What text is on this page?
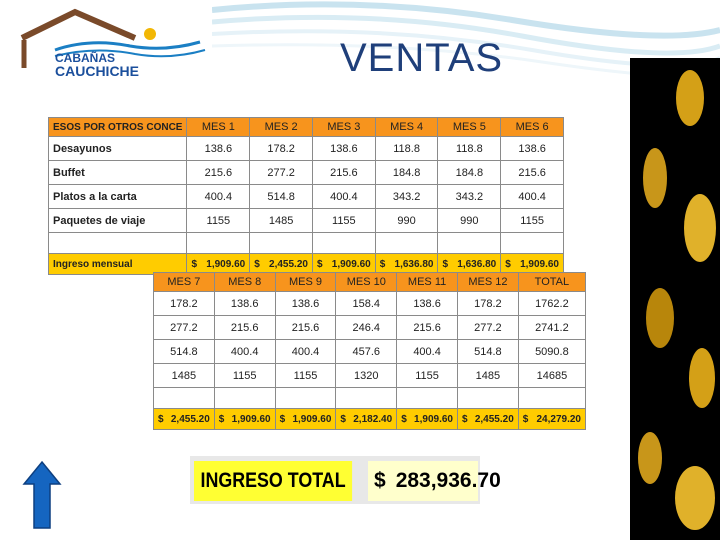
CABAÑAS
CAUCHICHE	VENTAS
ESOS POR OTROS CONCE	MES 1	MES 2	MES 3	MES 4	MES 5	MES 6
Desayunos	138.6	178.2	138.6	118.8	118.8	138.6
Buffet	215.6	277.2	215.6	184.8	184.8	215.6
Platos a la carta	400.4	514.8	400.4	343.2	343.2	400.4
Paquetes de viaje	1155	1485	1155	990	990	1155

Ingreso mensual	$ 1,909.60	$ 2,455.20	$ 1,909.60	$ 1,636.80	$ 1,636.80	$ 1,909.60
MES 7	MES 8	MES 9	MES 10	MES 11	MES 12	TOTAL
178.2	138.6	138.6	158.4	138.6	178.2	1762.2
277.2	215.6	215.6	246.4	215.6	277.2	2741.2
514.8	400.4	400.4	457.6	400.4	514.8	5090.8
1485	1155	1155	1320	1155	1485	14685

$ 2,455.20	$ 1,909.60	$ 1,909.60	$ 2,182.40	$ 1,909.60	$ 2,455.20	$ 24,279.20
INGRESO TOTAL	$ 283,936.70
